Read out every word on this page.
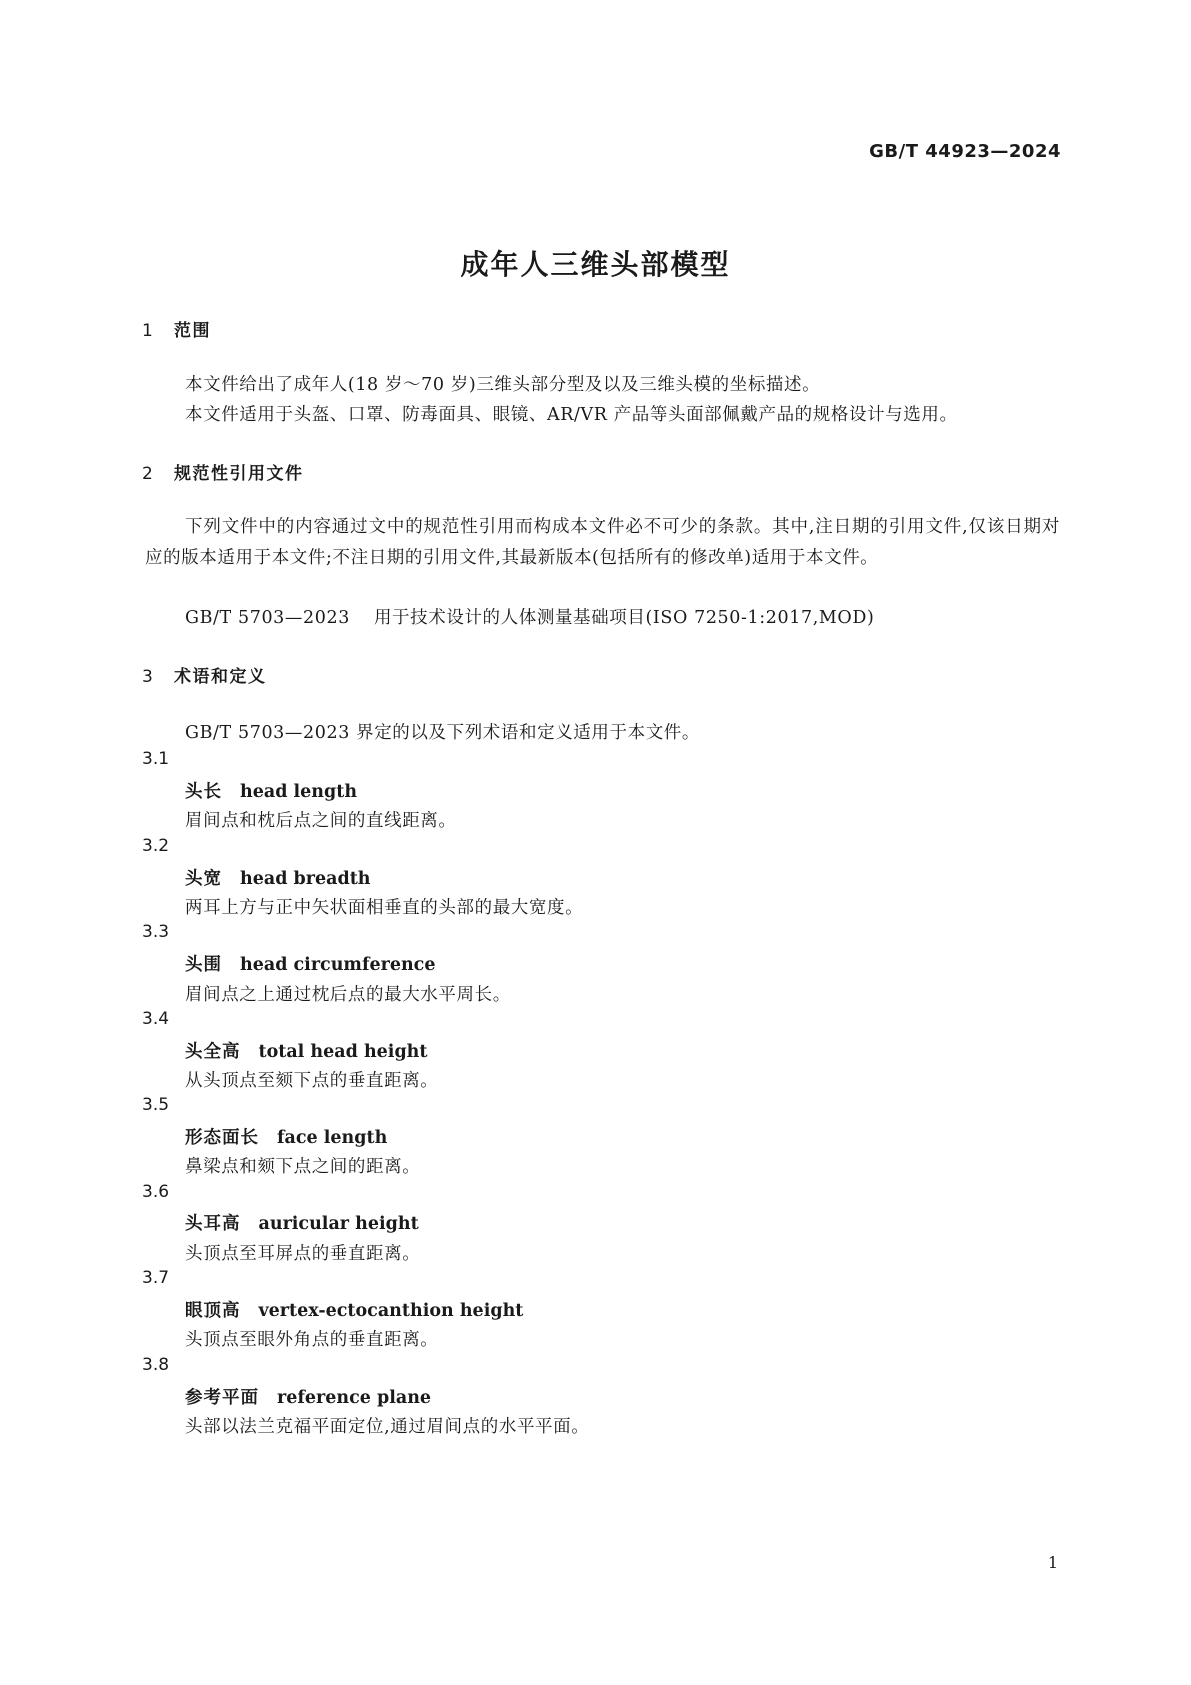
GB/T 44923—2024
成年人三维头部模型
1 范围
本文件给出了成年人(18 岁～70 岁)三维头部分型及以及三维头模的坐标描述。
本文件适用于头盔、口罩、防毒面具、眼镜、AR/VR 产品等头面部佩戴产品的规格设计与选用。
2 规范性引用文件
下列文件中的内容通过文中的规范性引用而构成本文件必不可少的条款。其中,注日期的引用文件,仅该日期对应的版本适用于本文件;不注日期的引用文件,其最新版本(包括所有的修改单)适用于本文件。
GB/T 5703—2023 用于技术设计的人体测量基础项目(ISO 7250-1:2017,MOD)
3 术语和定义
GB/T 5703—2023 界定的以及下列术语和定义适用于本文件。
3.1
头长 head length
眉间点和枕后点之间的直线距离。
3.2
头宽 head breadth
两耳上方与正中矢状面相垂直的头部的最大宽度。
3.3
头围 head circumference
眉间点之上通过枕后点的最大水平周长。
3.4
头全高 total head height
从头顶点至颏下点的垂直距离。
3.5
形态面长 face length
鼻梁点和颏下点之间的距离。
3.6
头耳高 auricular height
头顶点至耳屏点的垂直距离。
3.7
眼顶高 vertex-ectocanthion height
头顶点至眼外角点的垂直距离。
3.8
参考平面 reference plane
头部以法兰克福平面定位,通过眉间点的水平平面。
1
